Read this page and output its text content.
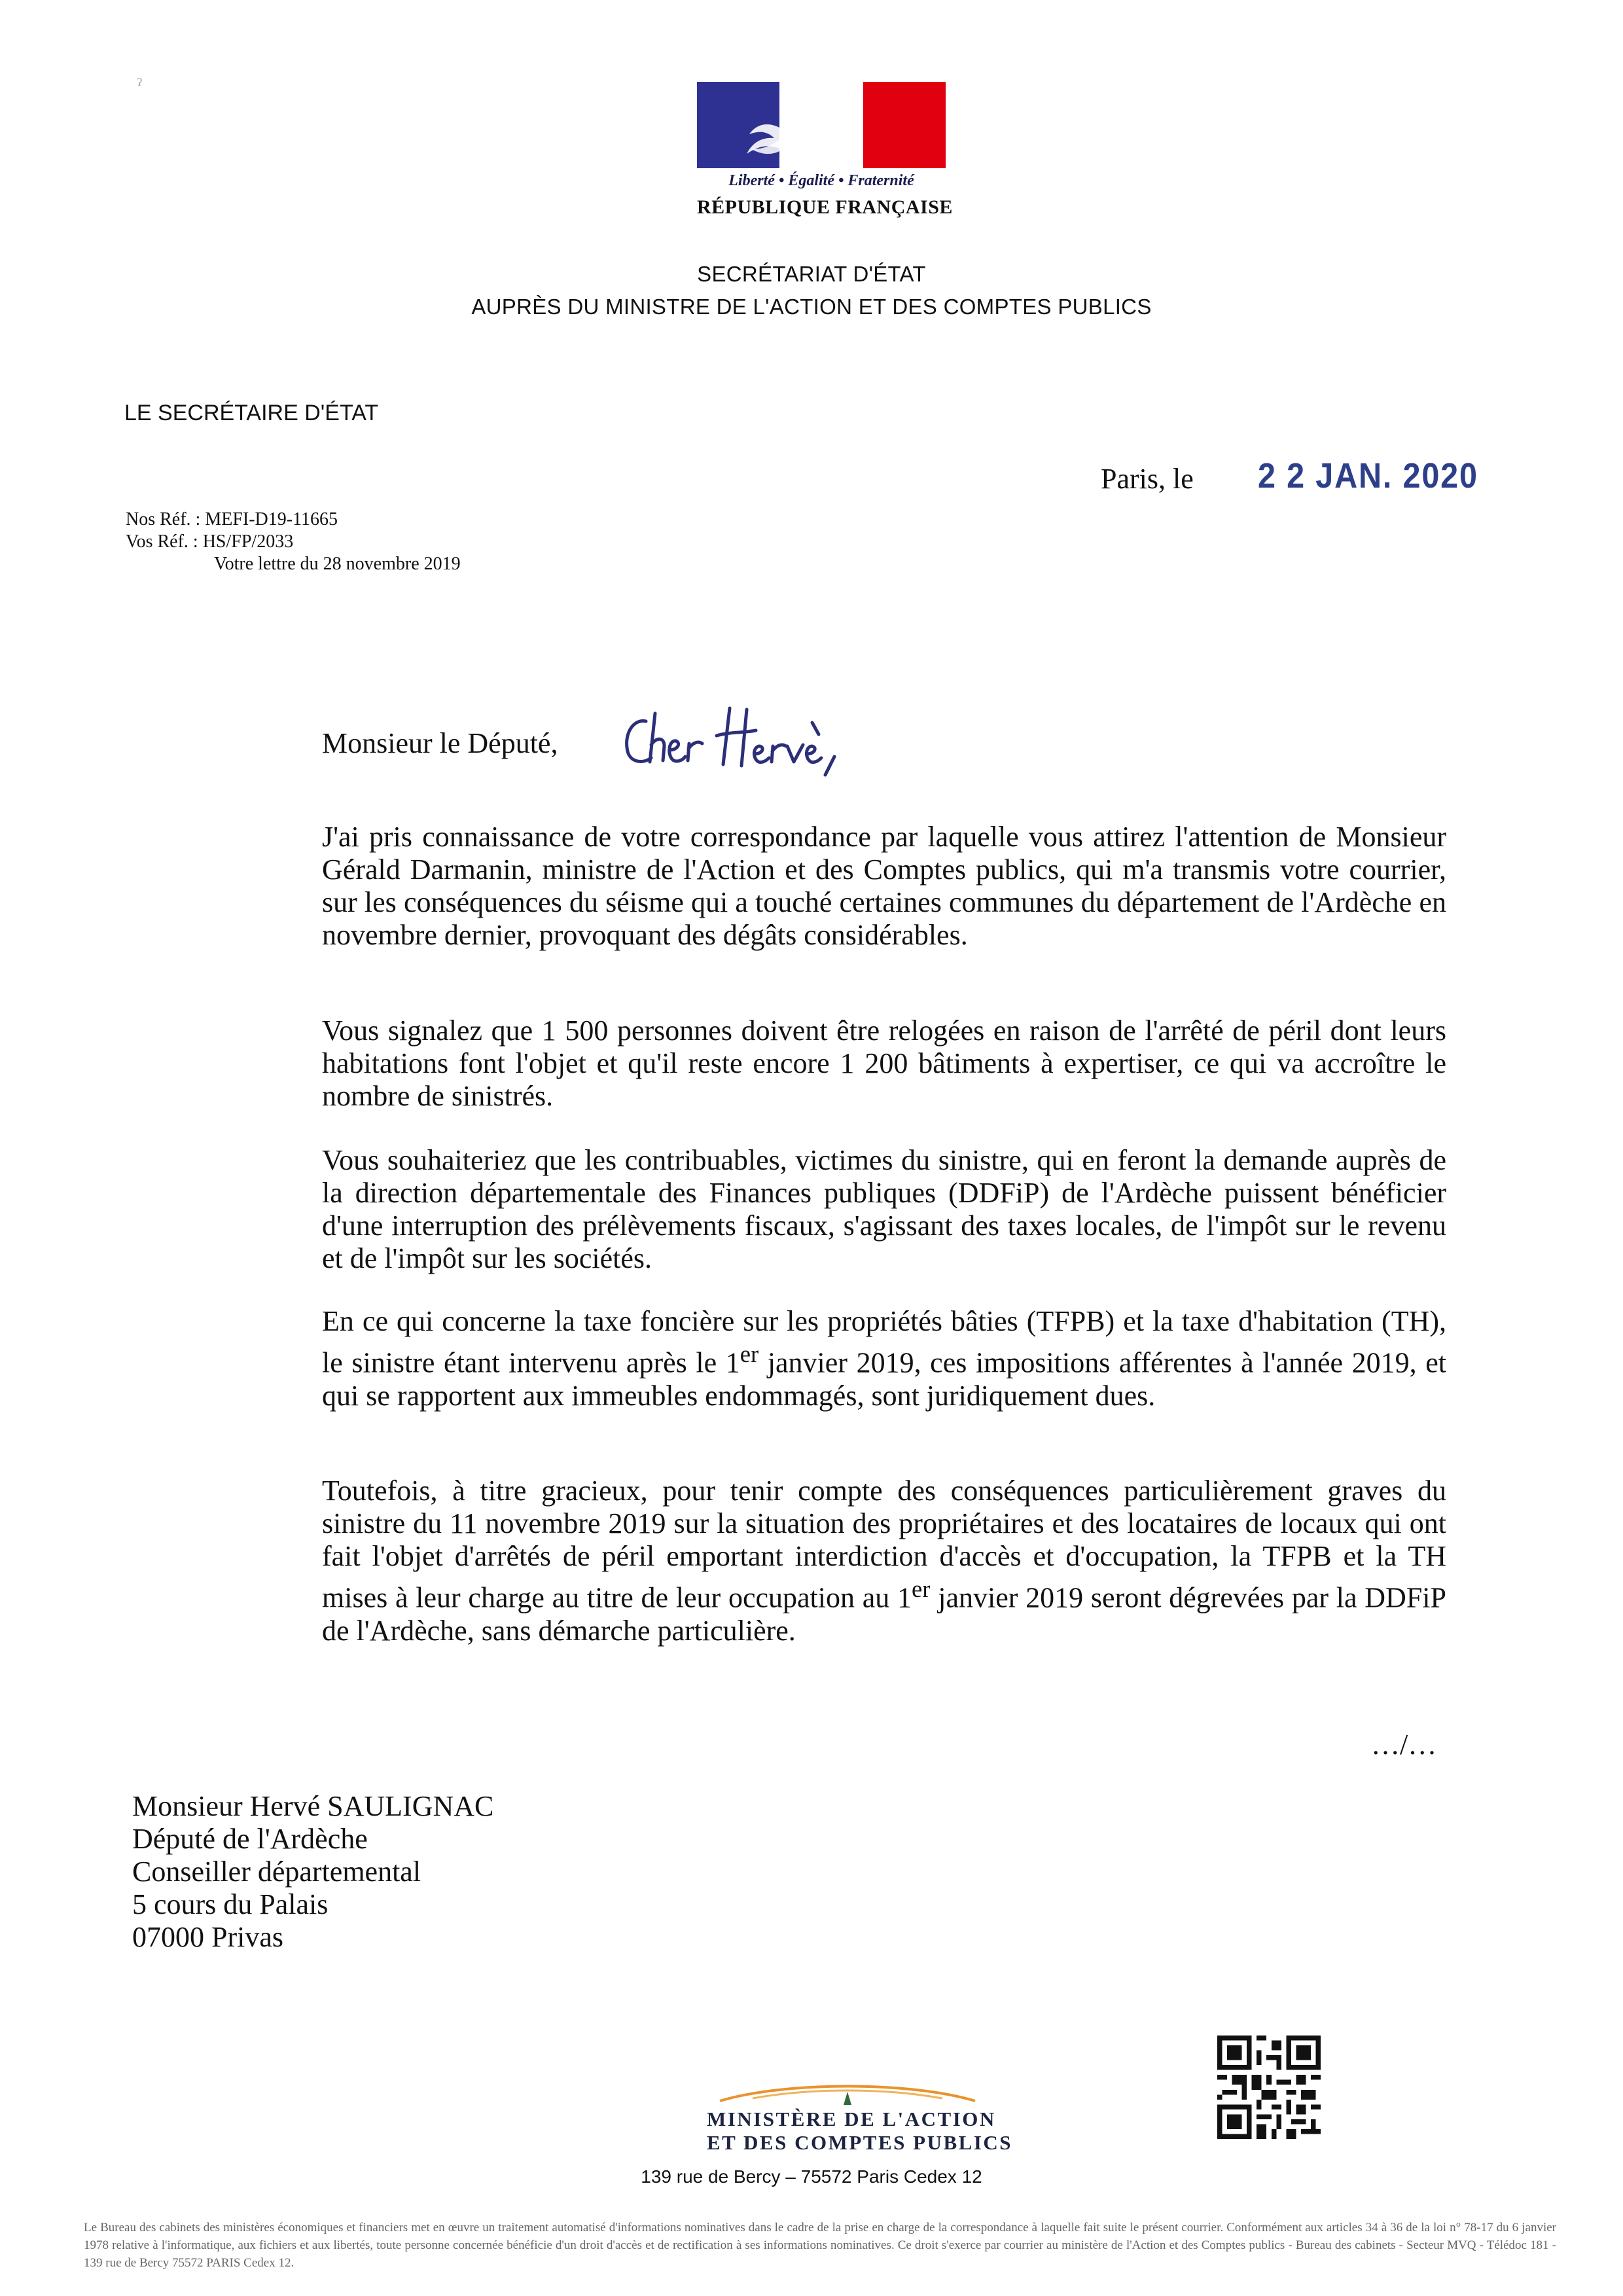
ˀ
Liberté • Égalité • Fraternité
RÉPUBLIQUE FRANÇAISE
SECRÉTARIAT D'ÉTAT
AUPRÈS DU MINISTRE DE L'ACTION ET DES COMPTES PUBLICS
LE SECRÉTAIRE D'ÉTAT
Paris, le 2 2 JAN. 2020
Nos Réf. : MEFI-D19-11665
Vos Réf. : HS/FP/2033
Votre lettre du 28 novembre 2019
Monsieur le Député,

J'ai pris connaissance de votre correspondance par laquelle vous attirez l'attention de Monsieur Gérald Darmanin, ministre de l'Action et des Comptes publics, qui m'a transmis votre courrier, sur les conséquences du séisme qui a touché certaines communes du département de l'Ardèche en novembre dernier, provoquant des dégâts considérables.

Vous signalez que 1 500 personnes doivent être relogées en raison de l'arrêté de péril dont leurs habitations font l'objet et qu'il reste encore 1 200 bâtiments à expertiser, ce qui va accroître le nombre de sinistrés.

Vous souhaiteriez que les contribuables, victimes du sinistre, qui en feront la demande auprès de la direction départementale des Finances publiques (DDFiP) de l'Ardèche puissent bénéficier d'une interruption des prélèvements fiscaux, s'agissant des taxes locales, de l'impôt sur le revenu et de l'impôt sur les sociétés.

En ce qui concerne la taxe foncière sur les propriétés bâties (TFPB) et la taxe d'habitation (TH), le sinistre étant intervenu après le 1er janvier 2019, ces impositions afférentes à l'année 2019, et qui se rapportent aux immeubles endommagés, sont juridiquement dues.

Toutefois, à titre gracieux, pour tenir compte des conséquences particulièrement graves du sinistre du 11 novembre 2019 sur la situation des propriétaires et des locataires de locaux qui ont fait l'objet d'arrêtés de péril emportant interdiction d'accès et d'occupation, la TFPB et la TH mises à leur charge au titre de leur occupation au 1er janvier 2019 seront dégrevées par la DDFiP de l'Ardèche, sans démarche particulière.

…/…
Monsieur Hervé SAULIGNAC
Député de l'Ardèche
Conseiller départemental
5 cours du Palais
07000 Privas
MINISTÈRE DE L'ACTION
ET DES COMPTES PUBLICS
139 rue de Bercy – 75572 Paris Cedex 12

Le Bureau des cabinets des ministères économiques et financiers met en œuvre un traitement automatisé d'informations nominatives dans le cadre de la prise en charge de la correspondance à laquelle fait suite le présent courrier. Conformément aux articles 34 à 36 de la loi n° 78-17 du 6 janvier 1978 relative à l'informatique, aux fichiers et aux libertés, toute personne concernée bénéficie d'un droit d'accès et de rectification à ses informations nominatives. Ce droit s'exerce par courrier au ministère de l'Action et des Comptes publics - Bureau des cabinets - Secteur MVQ - Télédoc 181 - 139 rue de Bercy 75572 PARIS Cedex 12.
